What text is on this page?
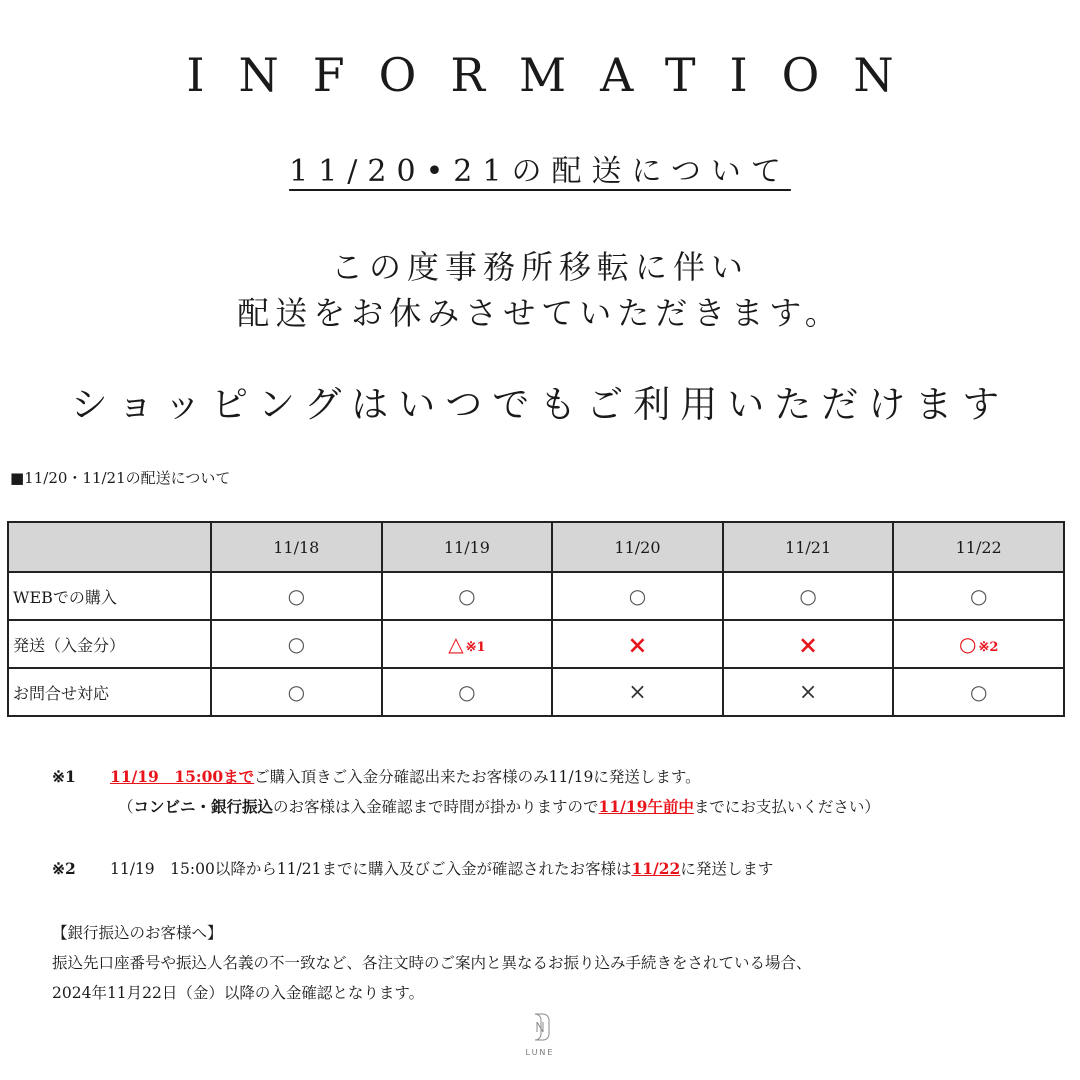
INFORMATION
11/20•21の配送について
この度事務所移転に伴い
配送をお休みさせていただきます。
ショッピングはいつでもご利用いただけます
■11/20・11/21の配送について
	11/18	11/19	11/20	11/21	11/22
WEBでの購入	○	○	○	○	○
発送（入金分）	○	△ ※1	×	×	○ ※2
お問合せ対応	○	○	×	×	○
※1 11/19　15:00までご購入頂きご入金分確認出来たお客様のみ11/19に発送します。
（コンビニ・銀行振込のお客様は入金確認まで時間が掛かりますので11/19午前中までにお支払いください）
※2 11/19　15:00以降から11/21までに購入及びご入金が確認されたお客様は11/22に発送します
【銀行振込のお客様へ】
振込先口座番号や振込人名義の不一致など、各注文時のご案内と異なるお振り込み手続きをされている場合、
2024年11月22日（金）以降の入金確認となります。
LUNE
